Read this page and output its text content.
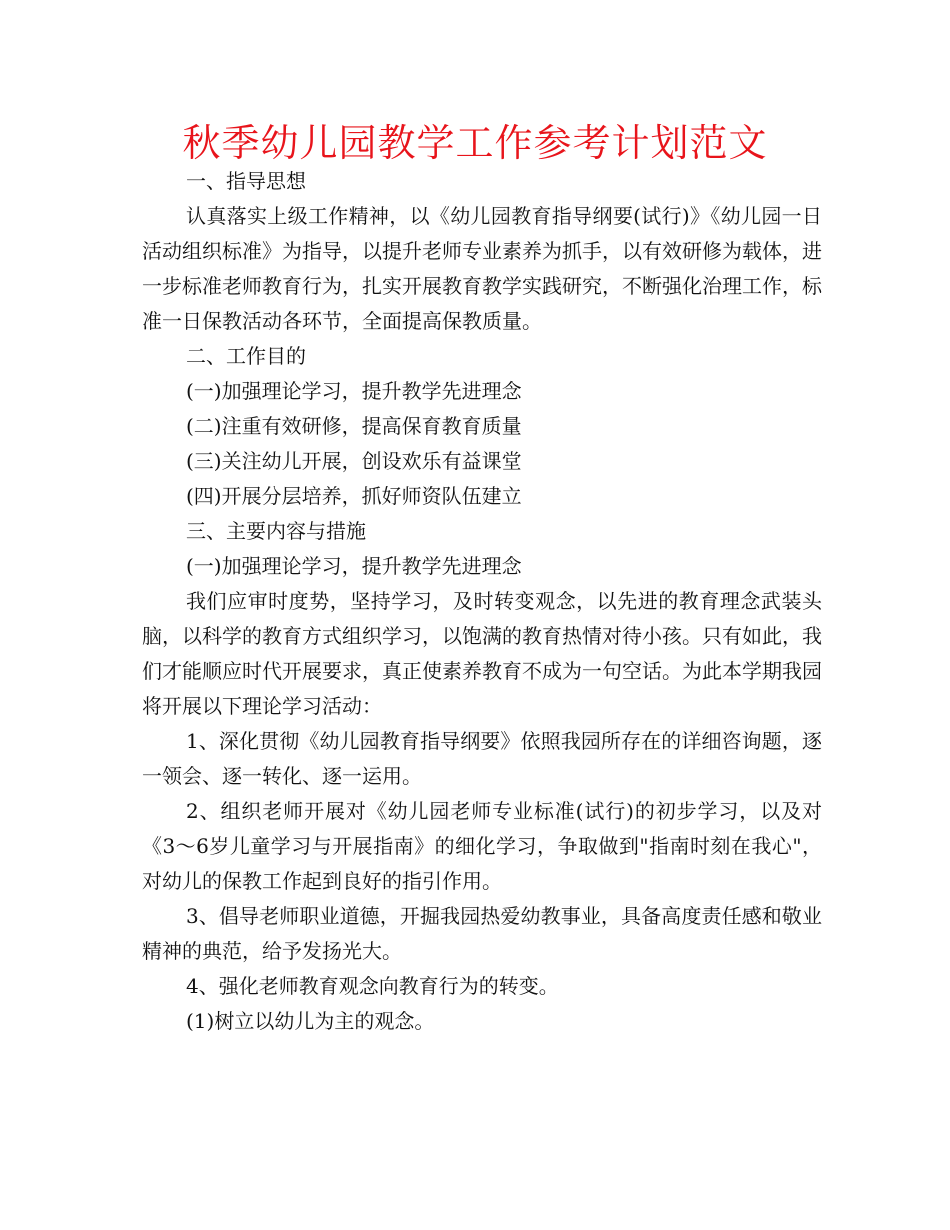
秋季幼儿园教学工作参考计划范文

一、指导思想

认真落实上级工作精神，以《幼儿园教育指导纲要(试行)》《幼儿园一日活动组织标准》为指导，以提升老师专业素养为抓手，以有效研修为载体，进一步标准老师教育行为，扎实开展教育教学实践研究，不断强化治理工作，标准一日保教活动各环节，全面提高保教质量。

二、工作目的

(一)加强理论学习，提升教学先进理念

(二)注重有效研修，提高保育教育质量

(三)关注幼儿开展，创设欢乐有益课堂

(四)开展分层培养，抓好师资队伍建立

三、主要内容与措施

(一)加强理论学习，提升教学先进理念

我们应审时度势，坚持学习，及时转变观念，以先进的教育理念武装头脑，以科学的教育方式组织学习，以饱满的教育热情对待小孩。只有如此，我们才能顺应时代开展要求，真正使素养教育不成为一句空话。为此本学期我园将开展以下理论学习活动：

1、深化贯彻《幼儿园教育指导纲要》依照我园所存在的详细咨询题，逐一领会、逐一转化、逐一运用。

2、组织老师开展对《幼儿园老师专业标准(试行)的初步学习，以及对《3～6岁儿童学习与开展指南》的细化学习，争取做到"指南时刻在我心"，对幼儿的保教工作起到良好的指引作用。

3、倡导老师职业道德，开掘我园热爱幼教事业，具备高度责任感和敬业精神的典范，给予发扬光大。

4、强化老师教育观念向教育行为的转变。

(1)树立以幼儿为主的观念。
